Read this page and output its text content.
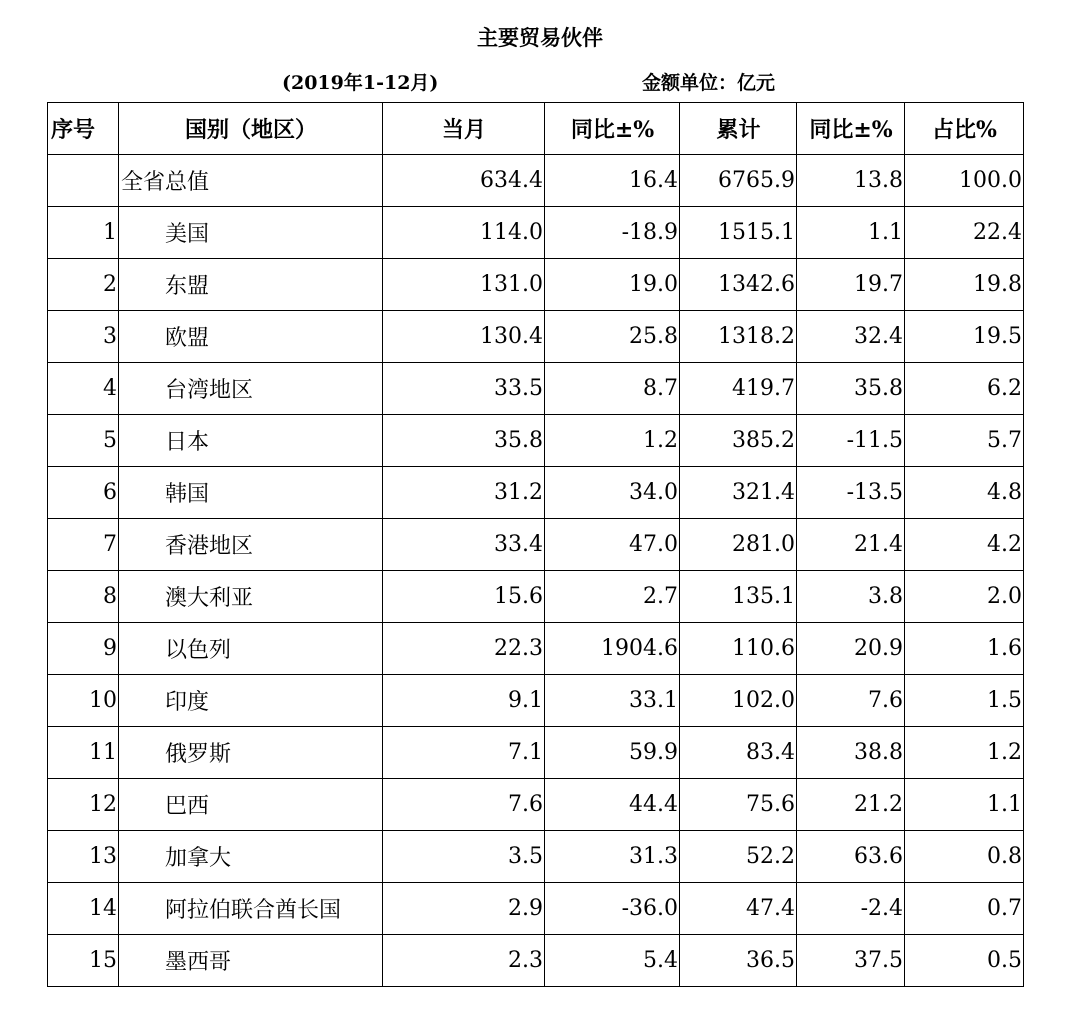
主要贸易伙伴
(2019年1-12月)	金额单位：亿元
序号	国别（地区）	当月	同比±%	累计	同比±%	占比%
	全省总值	634.4	16.4	6765.9	13.8	100.0
1	美国	114.0	-18.9	1515.1	1.1	22.4
2	东盟	131.0	19.0	1342.6	19.7	19.8
3	欧盟	130.4	25.8	1318.2	32.4	19.5
4	台湾地区	33.5	8.7	419.7	35.8	6.2
5	日本	35.8	1.2	385.2	-11.5	5.7
6	韩国	31.2	34.0	321.4	-13.5	4.8
7	香港地区	33.4	47.0	281.0	21.4	4.2
8	澳大利亚	15.6	2.7	135.1	3.8	2.0
9	以色列	22.3	1904.6	110.6	20.9	1.6
10	印度	9.1	33.1	102.0	7.6	1.5
11	俄罗斯	7.1	59.9	83.4	38.8	1.2
12	巴西	7.6	44.4	75.6	21.2	1.1
13	加拿大	3.5	31.3	52.2	63.6	0.8
14	阿拉伯联合酋长国	2.9	-36.0	47.4	-2.4	0.7
15	墨西哥	2.3	5.4	36.5	37.5	0.5
